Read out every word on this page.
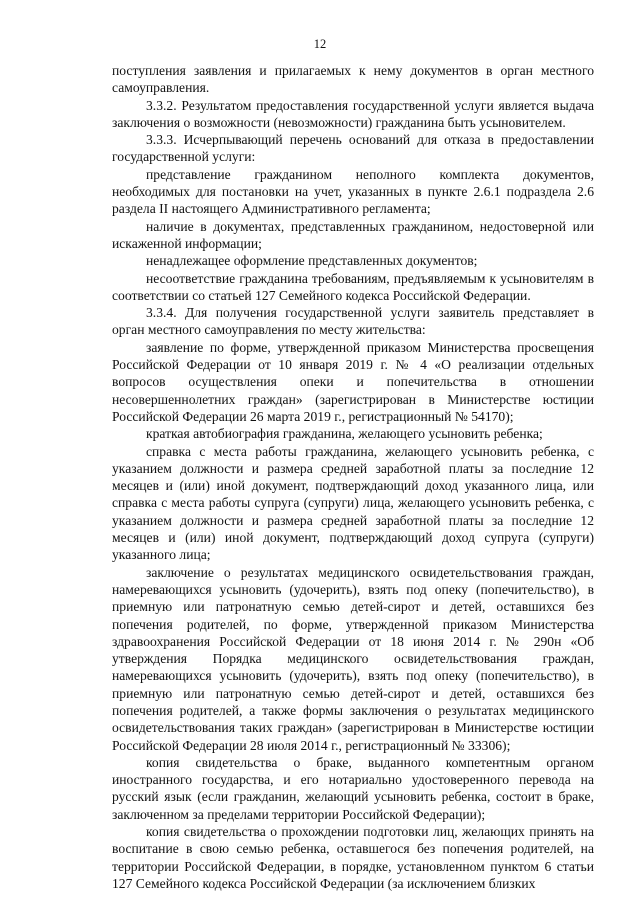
12

поступления заявления и прилагаемых к нему документов в орган местного самоуправления.

3.3.2. Результатом предоставления государственной услуги является выдача заключения о возможности (невозможности) гражданина быть усыновителем.

3.3.3. Исчерпывающий перечень оснований для отказа в предоставлении государственной услуги:

представление гражданином неполного комплекта документов, необходимых для постановки на учет, указанных в пункте 2.6.1 подраздела 2.6 раздела II настоящего Административного регламента;

наличие в документах, представленных гражданином, недостоверной или искаженной информации;

ненадлежащее оформление представленных документов;

несоответствие гражданина требованиям, предъявляемым к усыновителям в соответствии со статьей 127 Семейного кодекса Российской Федерации.

3.3.4. Для получения государственной услуги заявитель представляет в орган местного самоуправления по месту жительства:

заявление по форме, утвержденной приказом Министерства просвещения Российской Федерации от 10 января 2019 г. № 4 «О реализации отдельных вопросов осуществления опеки и попечительства в отношении несовершеннолетних граждан» (зарегистрирован в Министерстве юстиции Российской Федерации 26 марта 2019 г., регистрационный № 54170);

краткая автобиография гражданина, желающего усыновить ребенка;

справка с места работы гражданина, желающего усыновить ребенка, с указанием должности и размера средней заработной платы за последние 12 месяцев и (или) иной документ, подтверждающий доход указанного лица, или справка с места работы супруга (супруги) лица, желающего усыновить ребенка, с указанием должности и размера средней заработной платы за последние 12 месяцев и (или) иной документ, подтверждающий доход супруга (супруги) указанного лица;

заключение о результатах медицинского освидетельствования граждан, намеревающихся усыновить (удочерить), взять под опеку (попечительство), в приемную или патронатную семью детей-сирот и детей, оставшихся без попечения родителей, по форме, утвержденной приказом Министерства здравоохранения Российской Федерации от 18 июня 2014 г. № 290н «Об утверждения Порядка медицинского освидетельствования граждан, намеревающихся усыновить (удочерить), взять под опеку (попечительство), в приемную или патронатную семью детей-сирот и детей, оставшихся без попечения родителей, а также формы заключения о результатах медицинского освидетельствования таких граждан» (зарегистрирован в Министерстве юстиции Российской Федерации 28 июля 2014 г., регистрационный № 33306);

копия свидетельства о браке, выданного компетентным органом иностранного государства, и его нотариально удостоверенного перевода на русский язык (если гражданин, желающий усыновить ребенка, состоит в браке, заключенном за пределами территории Российской Федерации);

копия свидетельства о прохождении подготовки лиц, желающих принять на воспитание в свою семью ребенка, оставшегося без попечения родителей, на территории Российской Федерации, в порядке, установленном пунктом 6 статьи 127 Семейного кодекса Российской Федерации (за исключением близких
